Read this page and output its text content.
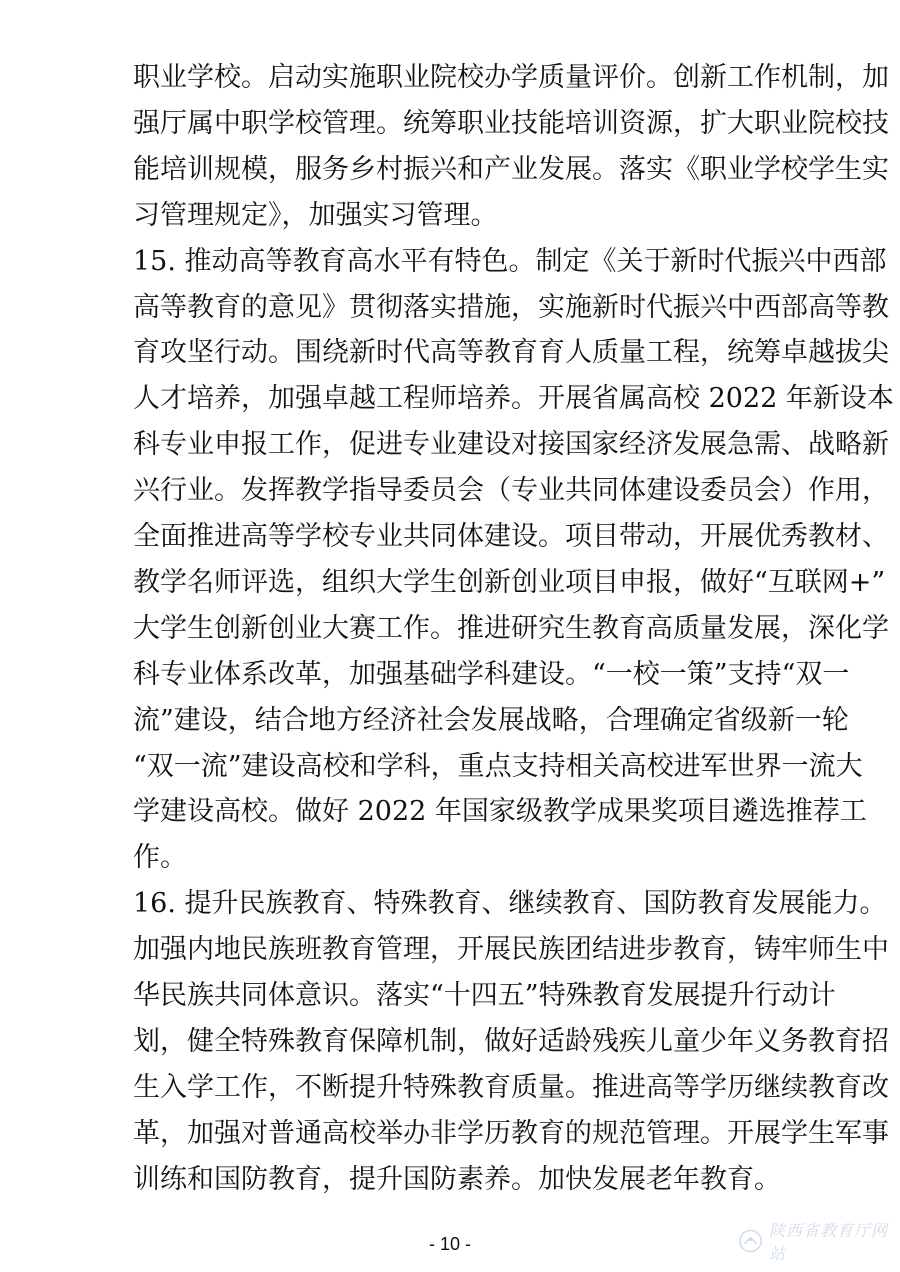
职业学校。启动实施职业院校办学质量评价。创新工作机制，加
强厅属中职学校管理。统筹职业技能培训资源，扩大职业院校技
能培训规模，服务乡村振兴和产业发展。落实《职业学校学生实
习管理规定》，加强实习管理。
15. 推动高等教育高水平有特色。制定《关于新时代振兴中西部
高等教育的意见》贯彻落实措施，实施新时代振兴中西部高等教
育攻坚行动。围绕新时代高等教育育人质量工程，统筹卓越拔尖
人才培养，加强卓越工程师培养。开展省属高校 2022 年新设本
科专业申报工作，促进专业建设对接国家经济发展急需、战略新
兴行业。发挥教学指导委员会（专业共同体建设委员会）作用，
全面推进高等学校专业共同体建设。项目带动，开展优秀教材、
教学名师评选，组织大学生创新创业项目申报，做好“互联网+”
大学生创新创业大赛工作。推进研究生教育高质量发展，深化学
科专业体系改革，加强基础学科建设。“一校一策”支持“双一
流”建设，结合地方经济社会发展战略，合理确定省级新一轮
“双一流”建设高校和学科，重点支持相关高校进军世界一流大
学建设高校。做好 2022 年国家级教学成果奖项目遴选推荐工
作。
16. 提升民族教育、特殊教育、继续教育、国防教育发展能力。
加强内地民族班教育管理，开展民族团结进步教育，铸牢师生中
华民族共同体意识。落实“十四五”特殊教育发展提升行动计
划，健全特殊教育保障机制，做好适龄残疾儿童少年义务教育招
生入学工作，不断提升特殊教育质量。推进高等学历继续教育改
革，加强对普通高校举办非学历教育的规范管理。开展学生军事
训练和国防教育，提升国防素养。加快发展老年教育。
- 10 -
陕西省教育厅网站
